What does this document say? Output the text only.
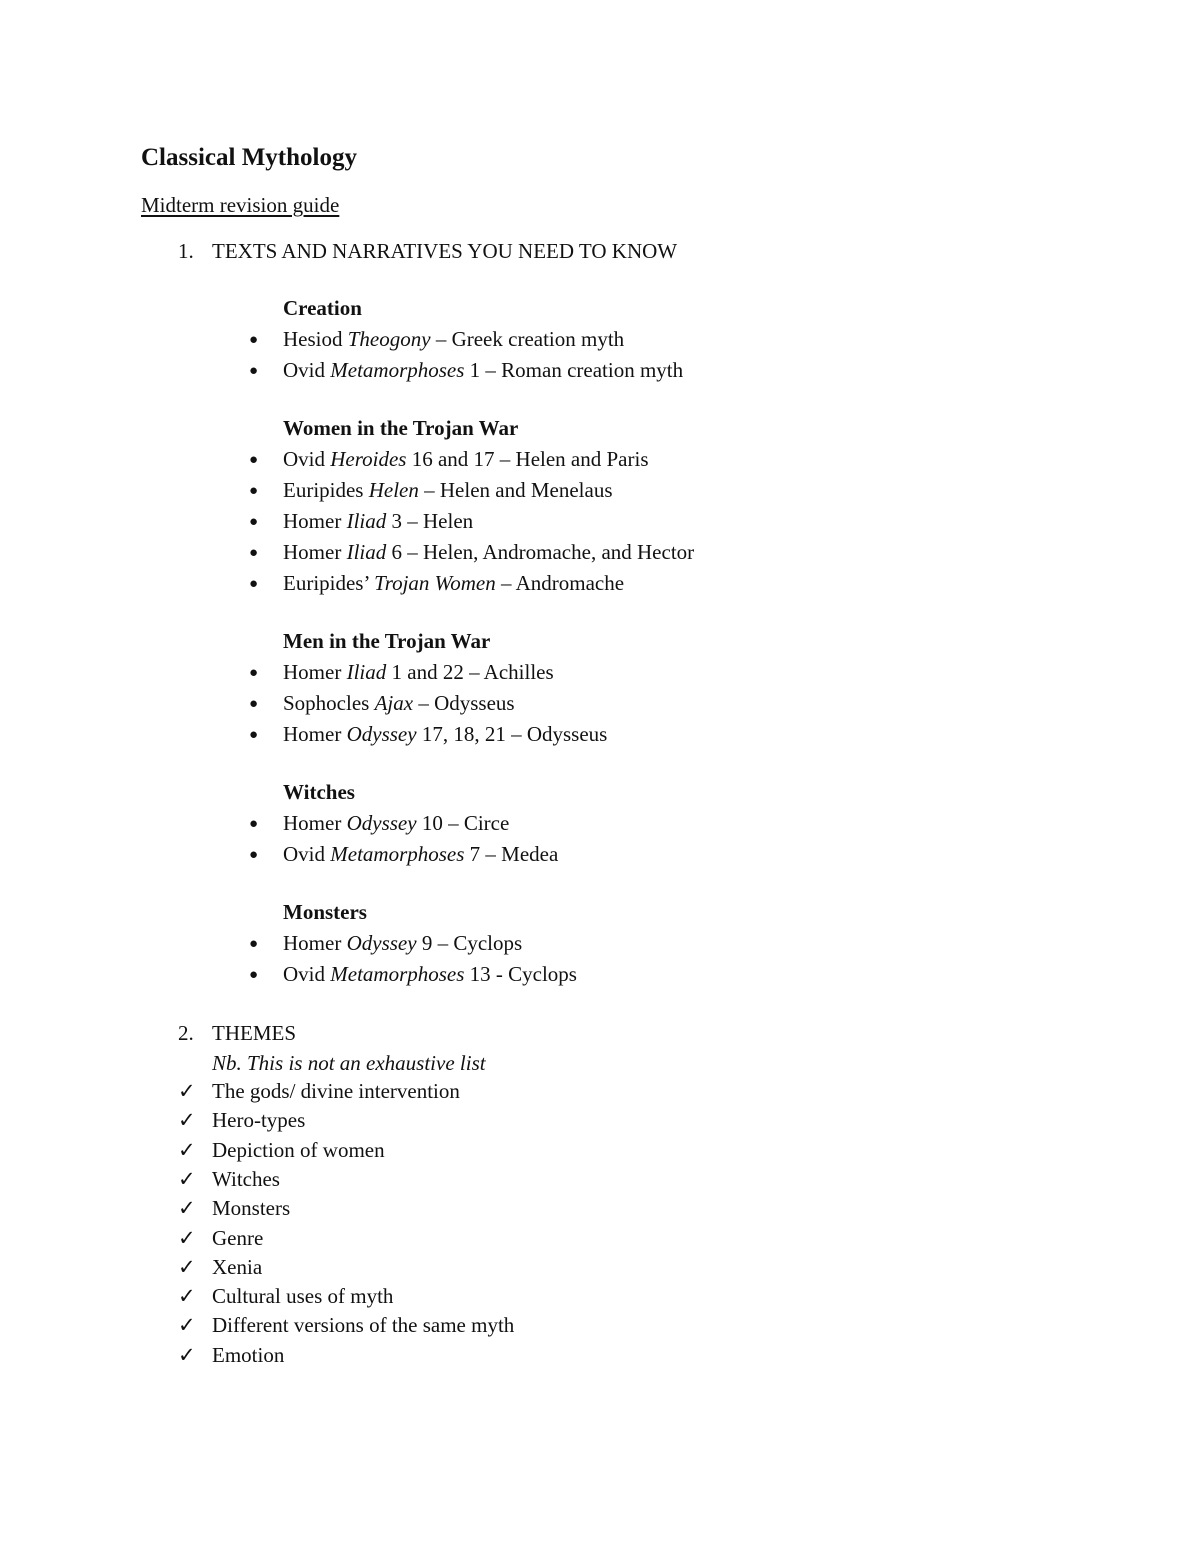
Classical Mythology
Midterm revision guide
1. TEXTS AND NARRATIVES YOU NEED TO KNOW
Creation
● Hesiod Theogony – Greek creation myth
● Ovid Metamorphoses 1 – Roman creation myth
Women in the Trojan War
● Ovid Heroides 16 and 17 – Helen and Paris
● Euripides Helen – Helen and Menelaus
● Homer Iliad 3 – Helen
● Homer Iliad 6 – Helen, Andromache, and Hector
● Euripides’ Trojan Women – Andromache
Men in the Trojan War
● Homer Iliad 1 and 22 – Achilles
● Sophocles Ajax – Odysseus
● Homer Odyssey 17, 18, 21 – Odysseus
Witches
● Homer Odyssey 10 – Circe
● Ovid Metamorphoses 7 – Medea
Monsters
● Homer Odyssey 9 – Cyclops
● Ovid Metamorphoses 13 - Cyclops
2. THEMES
Nb. This is not an exhaustive list
✓ The gods/ divine intervention
✓ Hero-types
✓ Depiction of women
✓ Witches
✓ Monsters
✓ Genre
✓ Xenia
✓ Cultural uses of myth
✓ Different versions of the same myth
✓ Emotion
